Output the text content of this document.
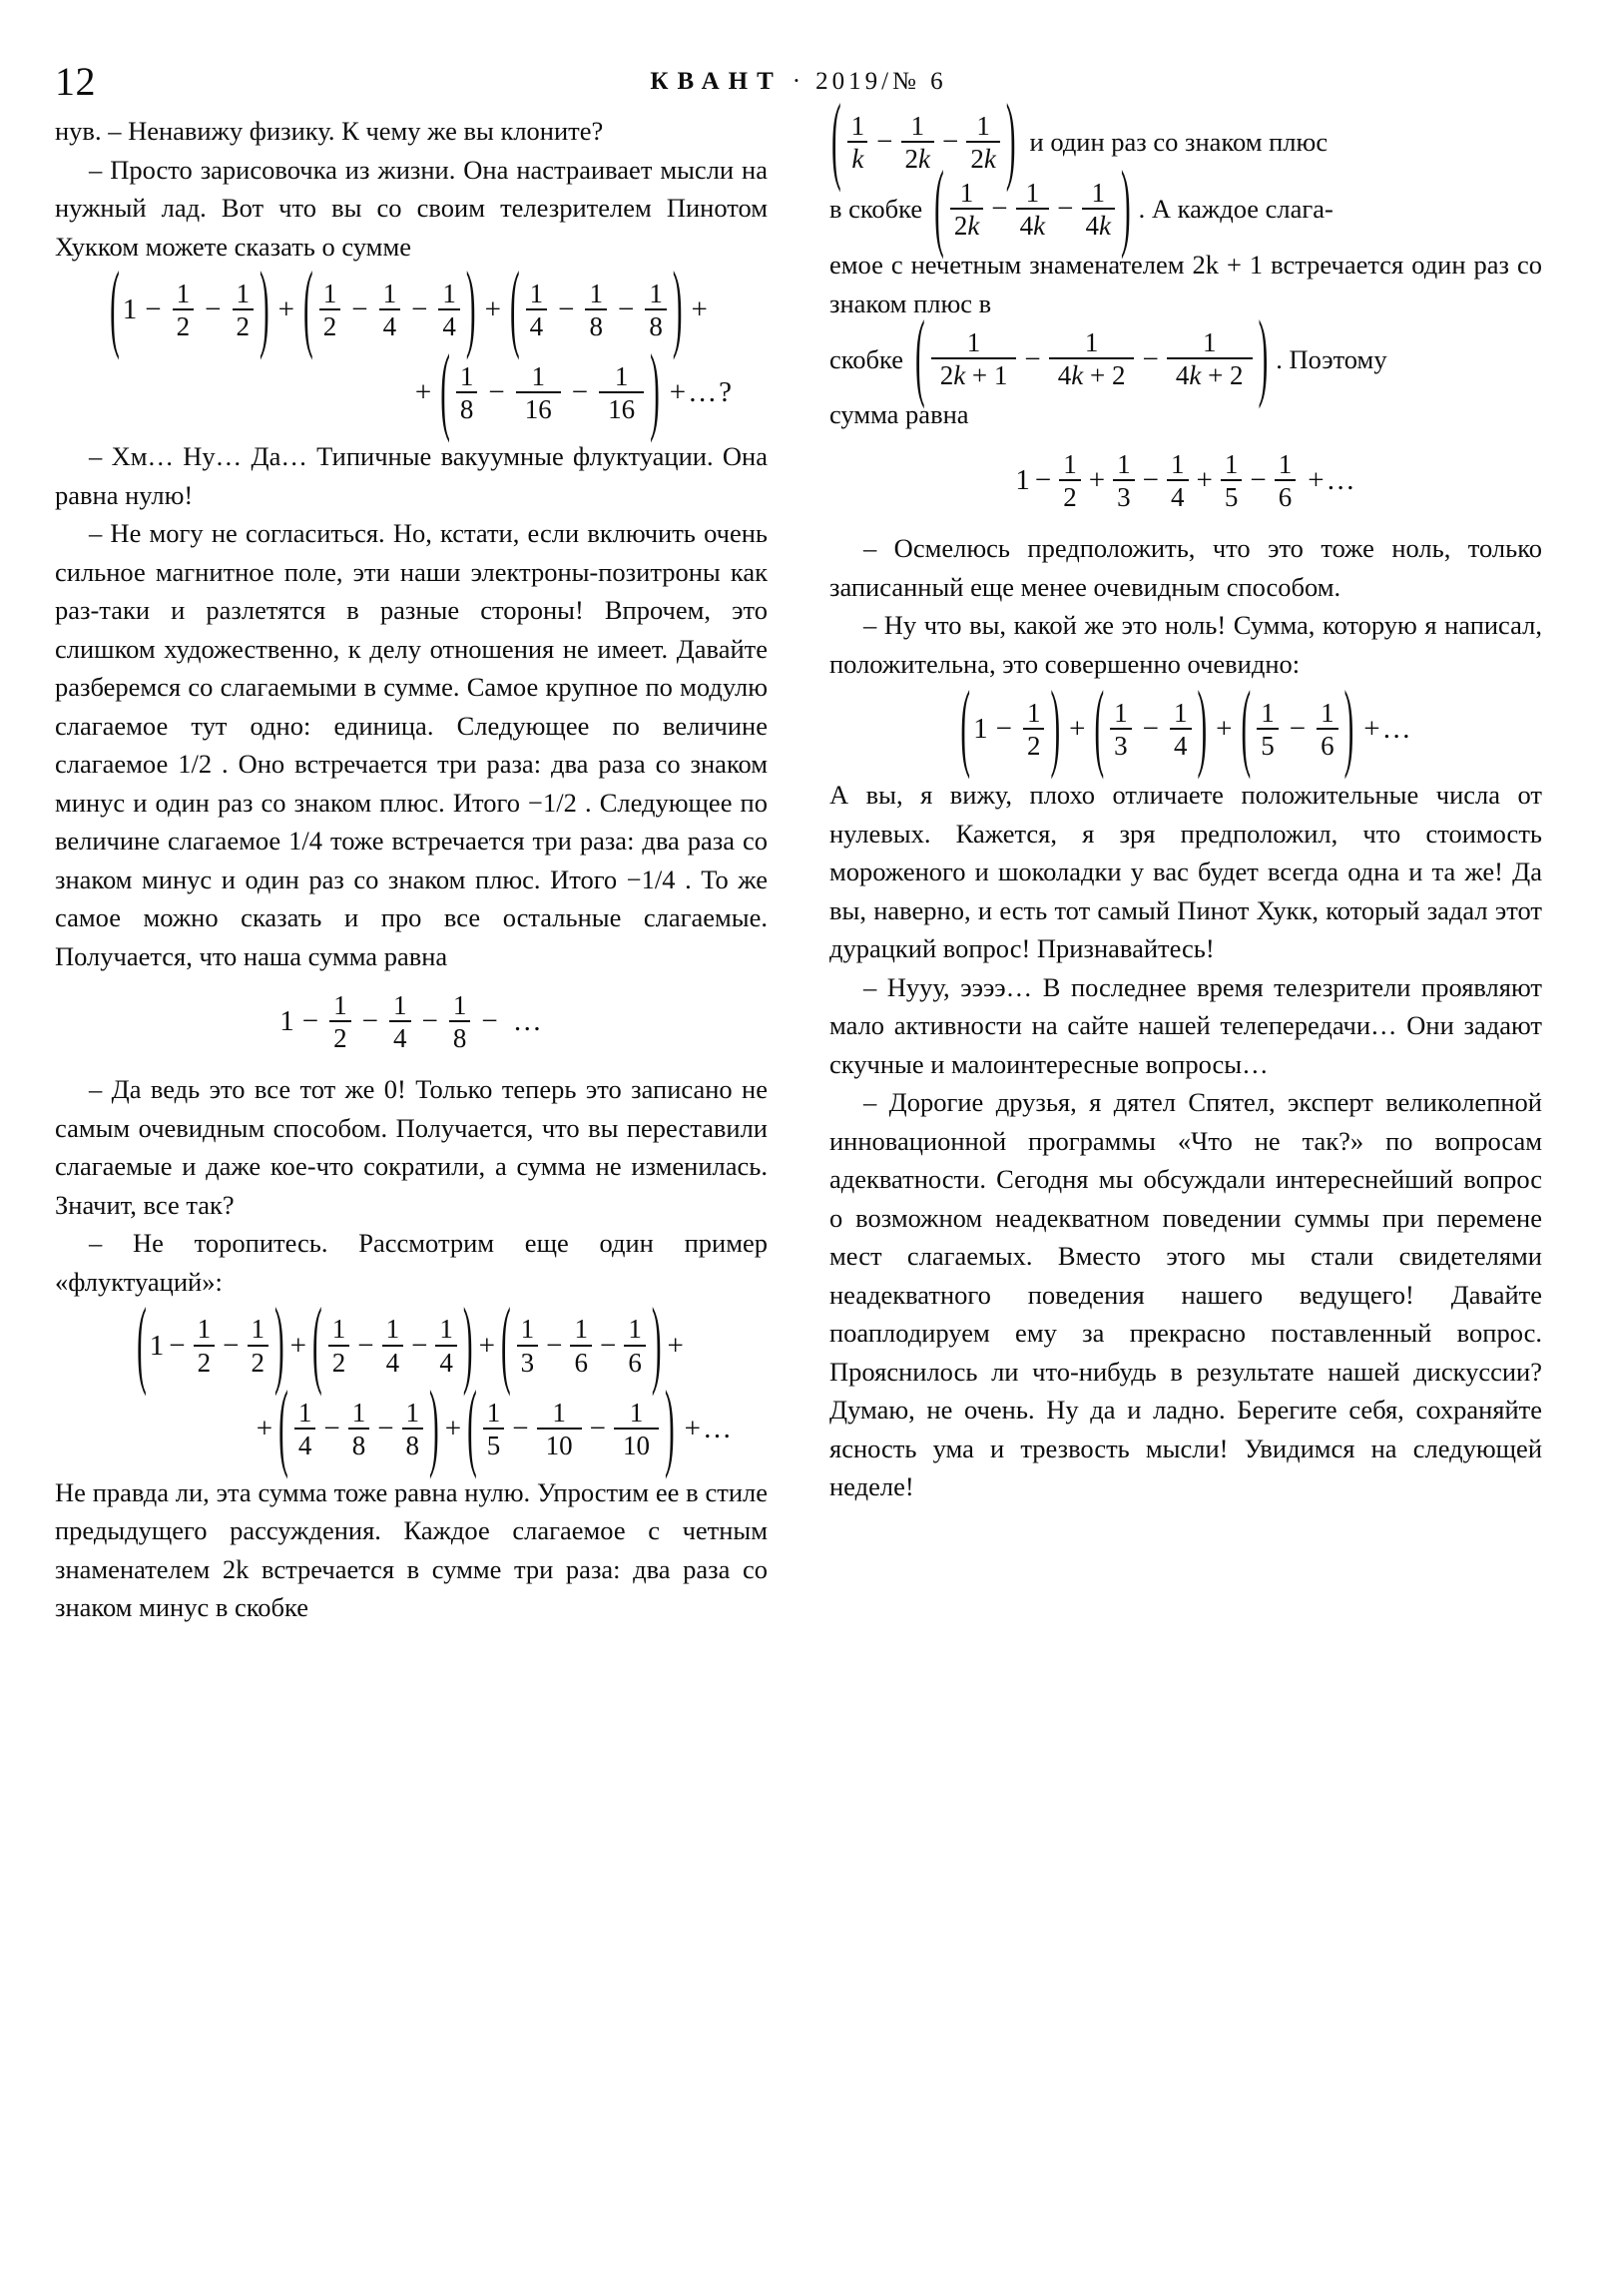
12	КВАНТ · 2019/№ 6

нув. – Ненавижу физику. К чему же вы клоните?

– Просто зарисовочка из жизни. Она настраивает мысли на нужный лад. Вот что вы со своим телезрителем Пинотом Хукком можете сказать о сумме

( $1 - \frac{1}{2} - \frac{1}{2}$ ) + ( $\frac{1}{2} - \frac{1}{4} - \frac{1}{4}$ ) + ( $\frac{1}{4} - \frac{1}{8} - \frac{1}{8}$ ) +
+ ( $\frac{1}{8} - \frac{1}{16} - \frac{1}{16}$ ) +…?

– Хм… Ну… Да… Типичные вакуумные флуктуации. Она равна нулю!

– Не могу не согласиться. Но, кстати, если включить очень сильное магнитное поле, эти наши электроны-позитроны как раз-таки и разлетятся в разные стороны! Впрочем, это слишком художественно, к делу отношения не имеет. Давайте разберемся со слагаемыми в сумме. Самое крупное по модулю слагаемое тут одно: единица. Следующее по величине слагаемое 1/2 . Оно встречается три раза: два раза со знаком минус и один раз со знаком плюс. Итого −1/2 . Следующее по величине слагаемое 1/4 тоже встречается три раза: два раза со знаком минус и один раз со знаком плюс. Итого −1/4 . То же самое можно сказать и про все остальные слагаемые. Получается, что наша сумма равна

$1 - \frac{1}{2} - \frac{1}{4} - \frac{1}{8}$ − …

– Да ведь это все тот же 0! Только теперь это записано не самым очевидным способом. Получается, что вы переставили слагаемые и даже кое-что сократили, а сумма не изменилась. Значит, все так?

– Не торопитесь. Рассмотрим еще один пример «флуктуаций»:

( $1 - \frac{1}{2} - \frac{1}{2}$ ) + ( $\frac{1}{2} - \frac{1}{4} - \frac{1}{4}$ ) + ( $\frac{1}{3} - \frac{1}{6} - \frac{1}{6}$ ) +
+ ( $\frac{1}{4} - \frac{1}{8} - \frac{1}{8}$ ) + ( $\frac{1}{5} - \frac{1}{10} - \frac{1}{10}$ ) +…

Не правда ли, эта сумма тоже равна нулю. Упростим ее в стиле предыдущего рассуждения. Каждое слагаемое с четным знаменателем 2k встречается в сумме три раза: два раза со знаком минус в скобке

( $\frac{1}{k} - \frac{1}{2k} - \frac{1}{2k}$ ) и один раз со знаком плюс
в скобке ( $\frac{1}{2k} - \frac{1}{4k} - \frac{1}{4k}$ ) . А каждое слага-

емое с нечетным знаменателем 2k + 1 встречается один раз со знаком плюс в

скобке ( $\frac{1}{2k + 1} - \frac{1}{4k + 2} - \frac{1}{4k + 2}$ ) . Поэтому

сумма равна

$1 - \frac{1}{2} + \frac{1}{3} - \frac{1}{4} + \frac{1}{5} - \frac{1}{6}$ +…

– Осмелюсь предположить, что это тоже ноль, только записанный еще менее очевидным способом.

– Ну что вы, какой же это ноль! Сумма, которую я написал, положительна, это совершенно очевидно:

( $1 - \frac{1}{2}$ ) + ( $\frac{1}{3} - \frac{1}{4}$ ) + ( $\frac{1}{5} - \frac{1}{6}$ ) +…

А вы, я вижу, плохо отличаете положительные числа от нулевых. Кажется, я зря предположил, что стоимость мороженого и шоколадки у вас будет всегда одна и та же! Да вы, наверно, и есть тот самый Пинот Хукк, который задал этот дурацкий вопрос! Признавайтесь!

– Нууу, ээээ… В последнее время телезрители проявляют мало активности на сайте нашей телепередачи… Они задают скучные и малоинтересные вопросы…

– Дорогие друзья, я дятел Спятел, эксперт великолепной инновационной программы «Что не так?» по вопросам адекватности. Сегодня мы обсуждали интереснейший вопрос о возможном неадекватном поведении суммы при перемене мест слагаемых. Вместо этого мы стали свидетелями неадекватного поведения нашего ведущего! Давайте поаплодируем ему за прекрасно поставленный вопрос. Прояснилось ли что-нибудь в результате нашей дискуссии? Думаю, не очень. Ну да и ладно. Берегите себя, сохраняйте ясность ума и трезвость мысли! Увидимся на следующей неделе!
